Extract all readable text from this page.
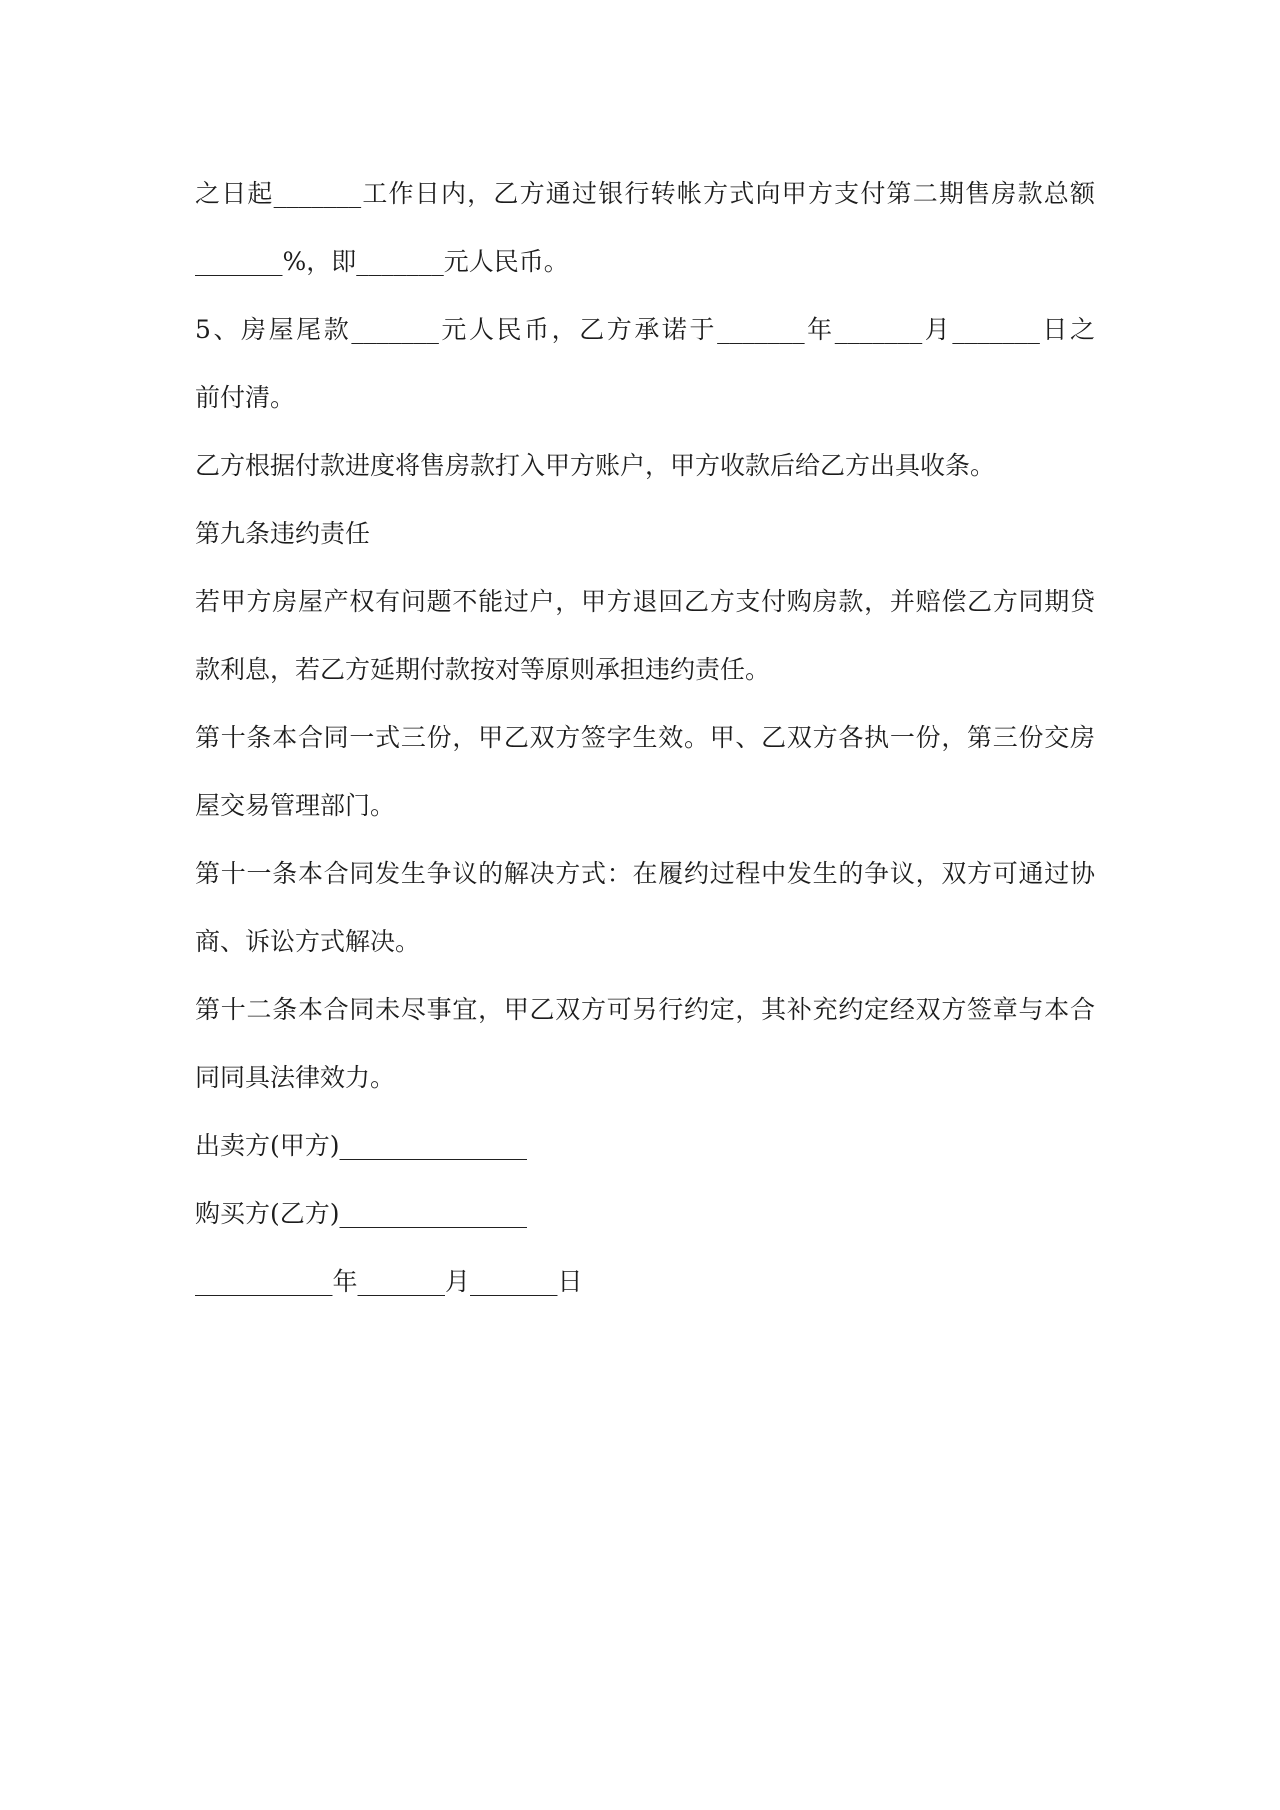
之日起_______工作日内，乙方通过银行转帐方式向甲方支付第二期售房款总额
_______%，即_______元人民币。
5、房屋尾款_______元人民币，乙方承诺于_______年_______月_______日之
前付清。
乙方根据付款进度将售房款打入甲方账户，甲方收款后给乙方出具收条。
第九条违约责任
若甲方房屋产权有问题不能过户，甲方退回乙方支付购房款，并赔偿乙方同期贷
款利息，若乙方延期付款按对等原则承担违约责任。
第十条本合同一式三份，甲乙双方签字生效。甲、乙双方各执一份，第三份交房
屋交易管理部门。
第十一条本合同发生争议的解决方式：在履约过程中发生的争议，双方可通过协
商、诉讼方式解决。
第十二条本合同未尽事宜，甲乙双方可另行约定，其补充约定经双方签章与本合
同同具法律效力。
出卖方(甲方)_______________
购买方(乙方)_______________
___________年_______月_______日
